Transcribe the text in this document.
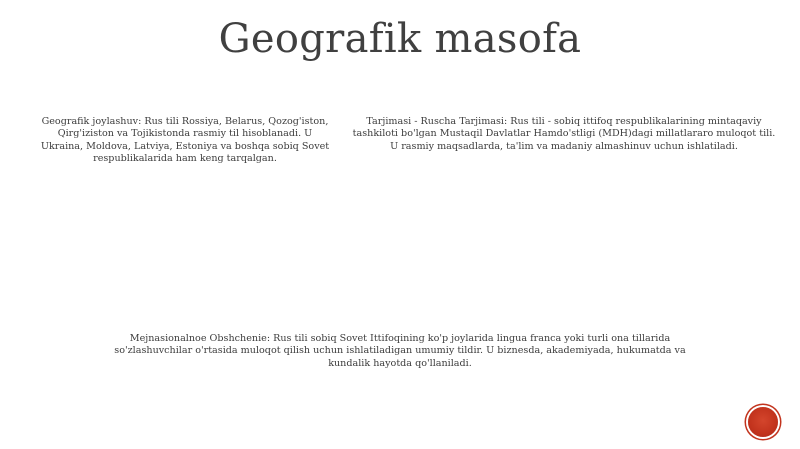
Geografik masofa

Geografik joylashuv: Rus tili Rossiya, Belarus, Qozog'iston, Qirg'iziston va Tojikistonda rasmiy til hisoblanadi. U Ukraina, Moldova, Latviya, Estoniya va boshqa sobiq Sovet respublikalarida ham keng tarqalgan.

Tarjimasi - Ruscha Tarjimasi: Rus tili - sobiq ittifoq respublikalarining mintaqaviy tashkiloti bo'lgan Mustaqil Davlatlar Hamdo'stligi (MDH)dagi millatlararo muloqot tili. U rasmiy maqsadlarda, ta'lim va madaniy almashinuv uchun ishlatiladi.

Mejnasionalnoe Obshchenie: Rus tili sobiq Sovet Ittifoqining ko'p joylarida lingua franca yoki turli ona tillarida so'zlashuvchilar o'rtasida muloqot qilish uchun ishlatiladigan umumiy tildir. U biznesda, akademiyada, hukumatda va kundalik hayotda qo'llaniladi.
